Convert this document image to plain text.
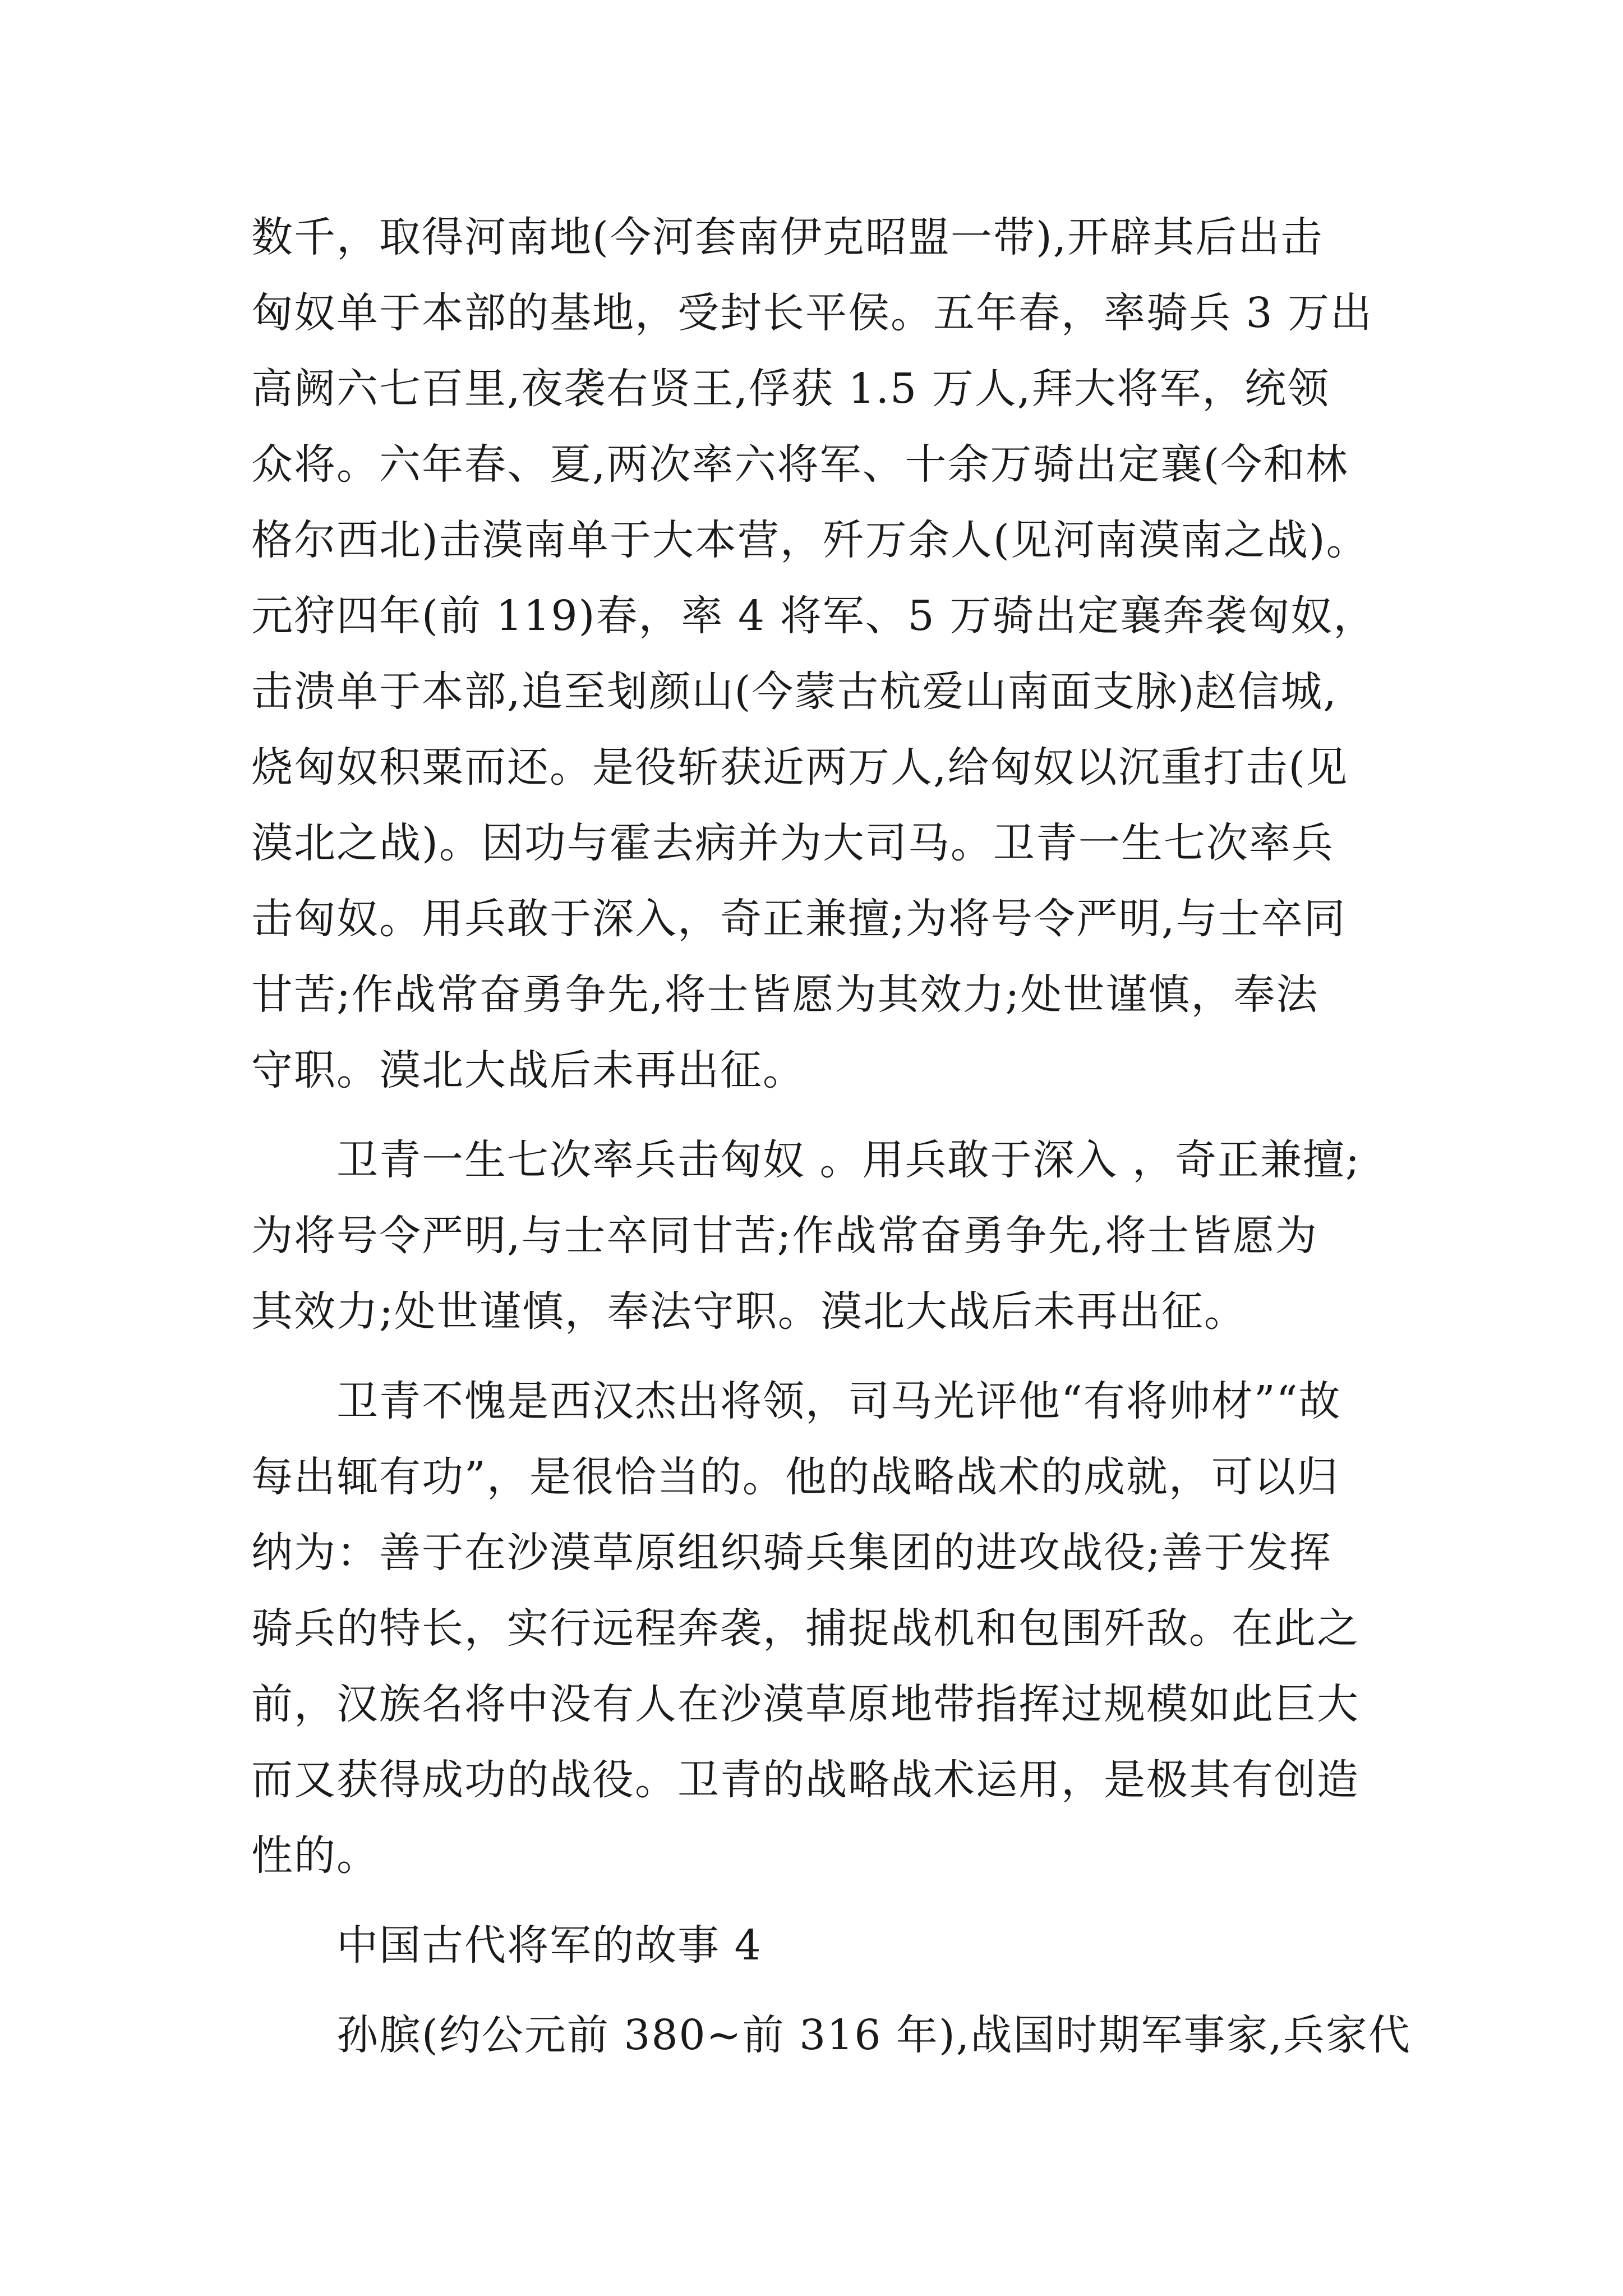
数千，取得河南地(今河套南伊克昭盟一带),开辟其后出击
匈奴单于本部的基地，受封长平侯。五年春，率骑兵 3 万出
高阙六七百里,夜袭右贤王,俘获 1.5 万人,拜大将军，统领
众将。六年春、夏,两次率六将军、十余万骑出定襄(今和林
格尔西北)击漠南单于大本营，歼万余人(见河南漠南之战)。
元狩四年(前 119)春，率 4 将军、5 万骑出定襄奔袭匈奴，
击溃单于本部,追至刬颜山(今蒙古杭爱山南面支脉)赵信城,
烧匈奴积粟而还。是役斩获近两万人,给匈奴以沉重打击(见
漠北之战)。因功与霍去病并为大司马。卫青一生七次率兵
击匈奴。用兵敢于深入，奇正兼擅;为将号令严明,与士卒同
甘苦;作战常奋勇争先,将士皆愿为其效力;处世谨慎，奉法
守职。漠北大战后未再出征。
卫青一生七次率兵击匈奴 。用兵敢于深入 ，奇正兼擅;
为将号令严明,与士卒同甘苦;作战常奋勇争先,将士皆愿为
其效力;处世谨慎，奉法守职。漠北大战后未再出征。
卫青不愧是西汉杰出将领，司马光评他“有将帅材”“故
每出辄有功”，是很恰当的。他的战略战术的成就，可以归
纳为：善于在沙漠草原组织骑兵集团的进攻战役;善于发挥
骑兵的特长，实行远程奔袭，捕捉战机和包围歼敌。在此之
前，汉族名将中没有人在沙漠草原地带指挥过规模如此巨大
而又获得成功的战役。卫青的战略战术运用，是极其有创造
性的。
中国古代将军的故事 4
孙膑(约公元前 380~前 316 年),战国时期军事家,兵家代
